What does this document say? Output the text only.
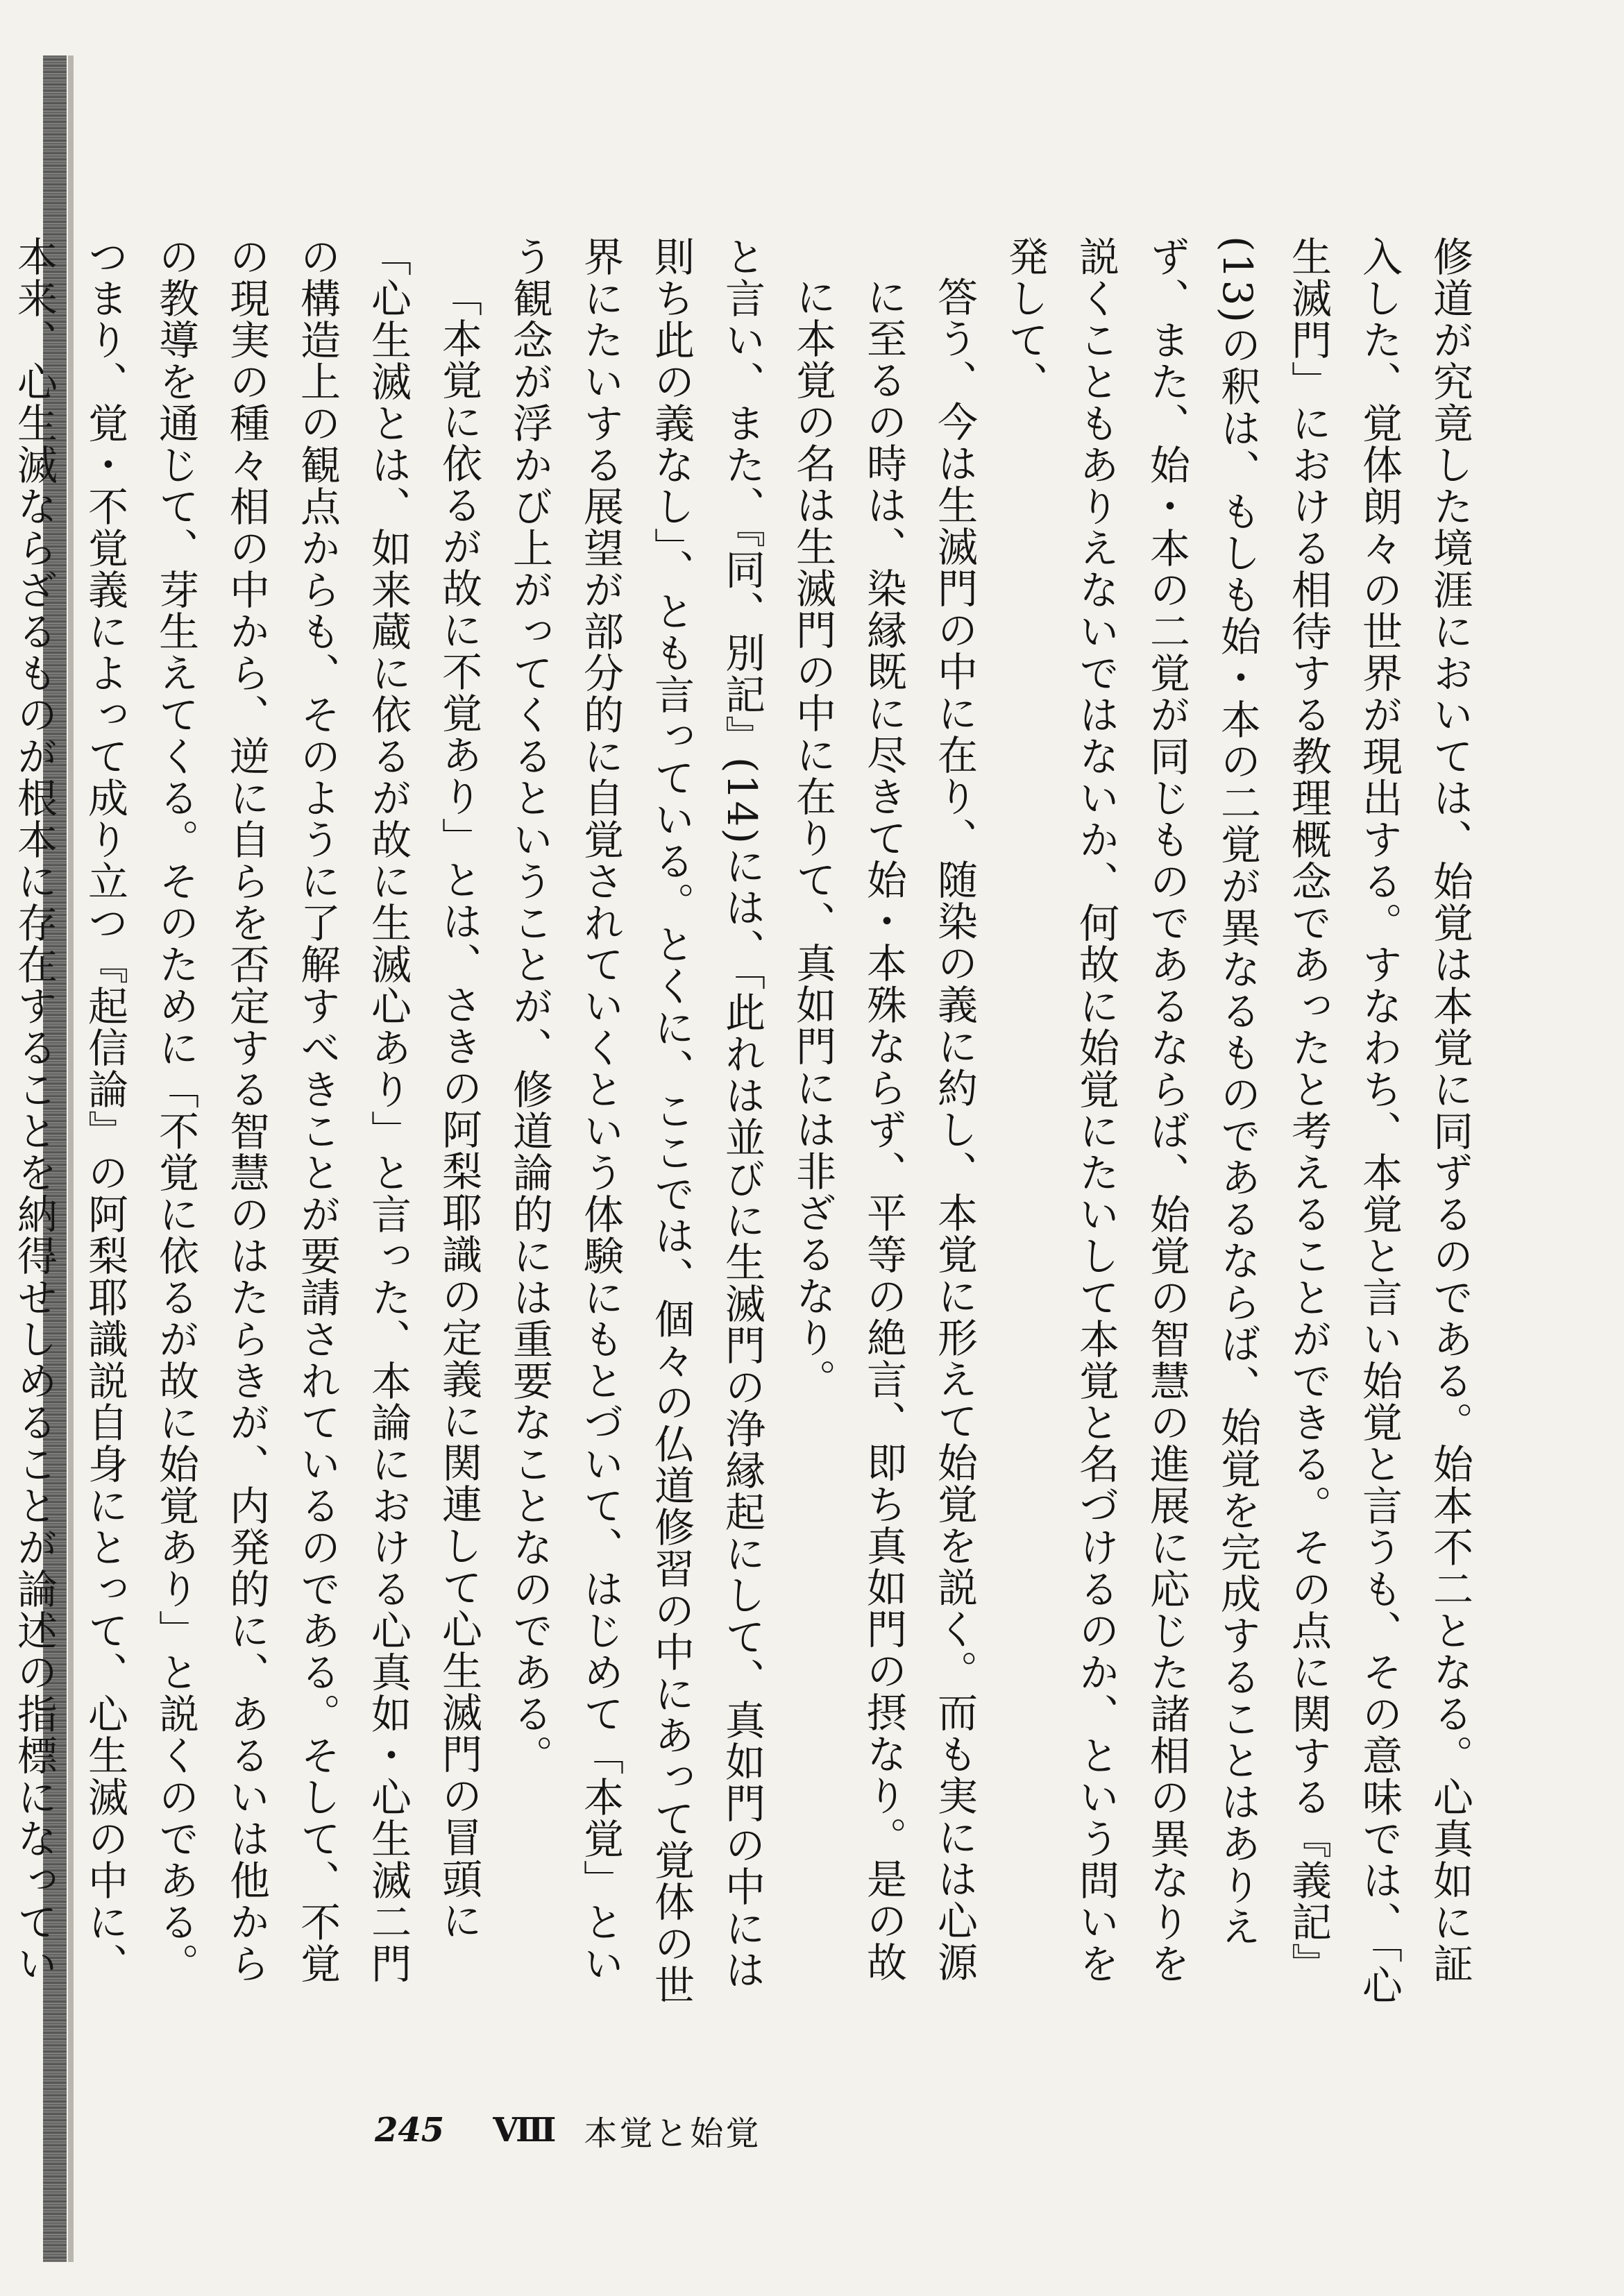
修道が究竟した境涯においては、始覚は本覚に同ずるのである。始本不二となる。心真如に証入した、覚体朗々の世界が現出する。すなわち、本覚と言い始覚と言うも、その意味では、「心生滅門」における相待する教理概念であったと考えることができる。その点に関する『義記』(13)の釈は、もしも始・本の二覚が異なるものであるならば、始覚を完成することはありえず、また、始・本の二覚が同じものであるならば、始覚の智慧の進展に応じた諸相の異なりを説くこともありえないではないか、何故に始覚にたいして本覚と名づけるのか、という問いを発して、

答う、今は生滅門の中に在り、随染の義に約し、本覚に形えて始覚を説く。而も実には心源に至るの時は、染縁既に尽きて始・本殊ならず、平等の絶言、即ち真如門の摂なり。是の故に本覚の名は生滅門の中に在りて、真如門には非ざるなり。

と言い、また、『同、別記』(14)には、「此れは並びに生滅門の浄縁起にして、真如門の中には則ち此の義なし」、とも言っている。とくに、ここでは、個々の仏道修習の中にあって覚体の世界にたいする展望が部分的に自覚されていくという体験にもとづいて、はじめて「本覚」という観念が浮かび上がってくるということが、修道論的には重要なことなのである。

「本覚に依るが故に不覚あり」とは、さきの阿梨耶識の定義に関連して心生滅門の冒頭に「心生滅とは、如来蔵に依るが故に生滅心あり」と言った、本論における心真如・心生滅二門の構造上の観点からも、そのように了解すべきことが要請されているのである。そして、不覚の現実の種々相の中から、逆に自らを否定する智慧のはたらきが、内発的に、あるいは他からの教導を通じて、芽生えてくる。そのために「不覚に依るが故に始覚あり」と説くのである。つまり、覚・不覚義によって成り立つ『起信論』の阿梨耶識説自身にとって、心生滅の中に、本来、心生滅ならざるものが根本に存在することを納得せしめることが論述の指標になってい

245 Ⅷ 本覚と始覚
